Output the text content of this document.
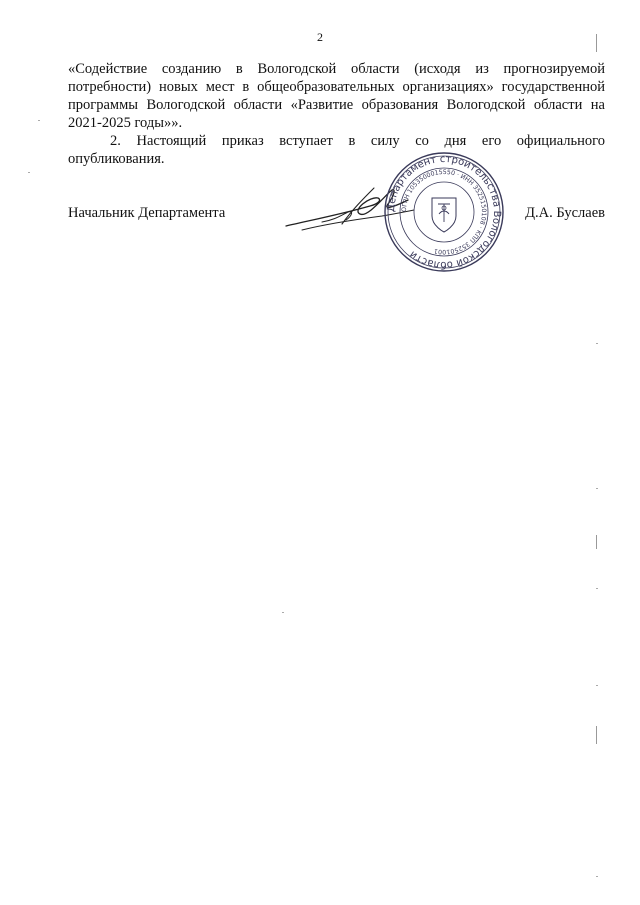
2
«Содействие созданию в Вологодской области (исходя из прогнозируемой
потребности) новых мест в общеобразовательных организациях» государственной
программы Вологодской области «Развитие образования Вологодской области на
2021-2025 годы»».
2. Настоящий приказ вступает в силу со дня его официального
опубликования.
Начальник Департамента	Д.А. Буслаев
Департамент строительства Вологодской области
ОГРН 1053500015550 · ИНН 3525150108 · КПП 352501001
